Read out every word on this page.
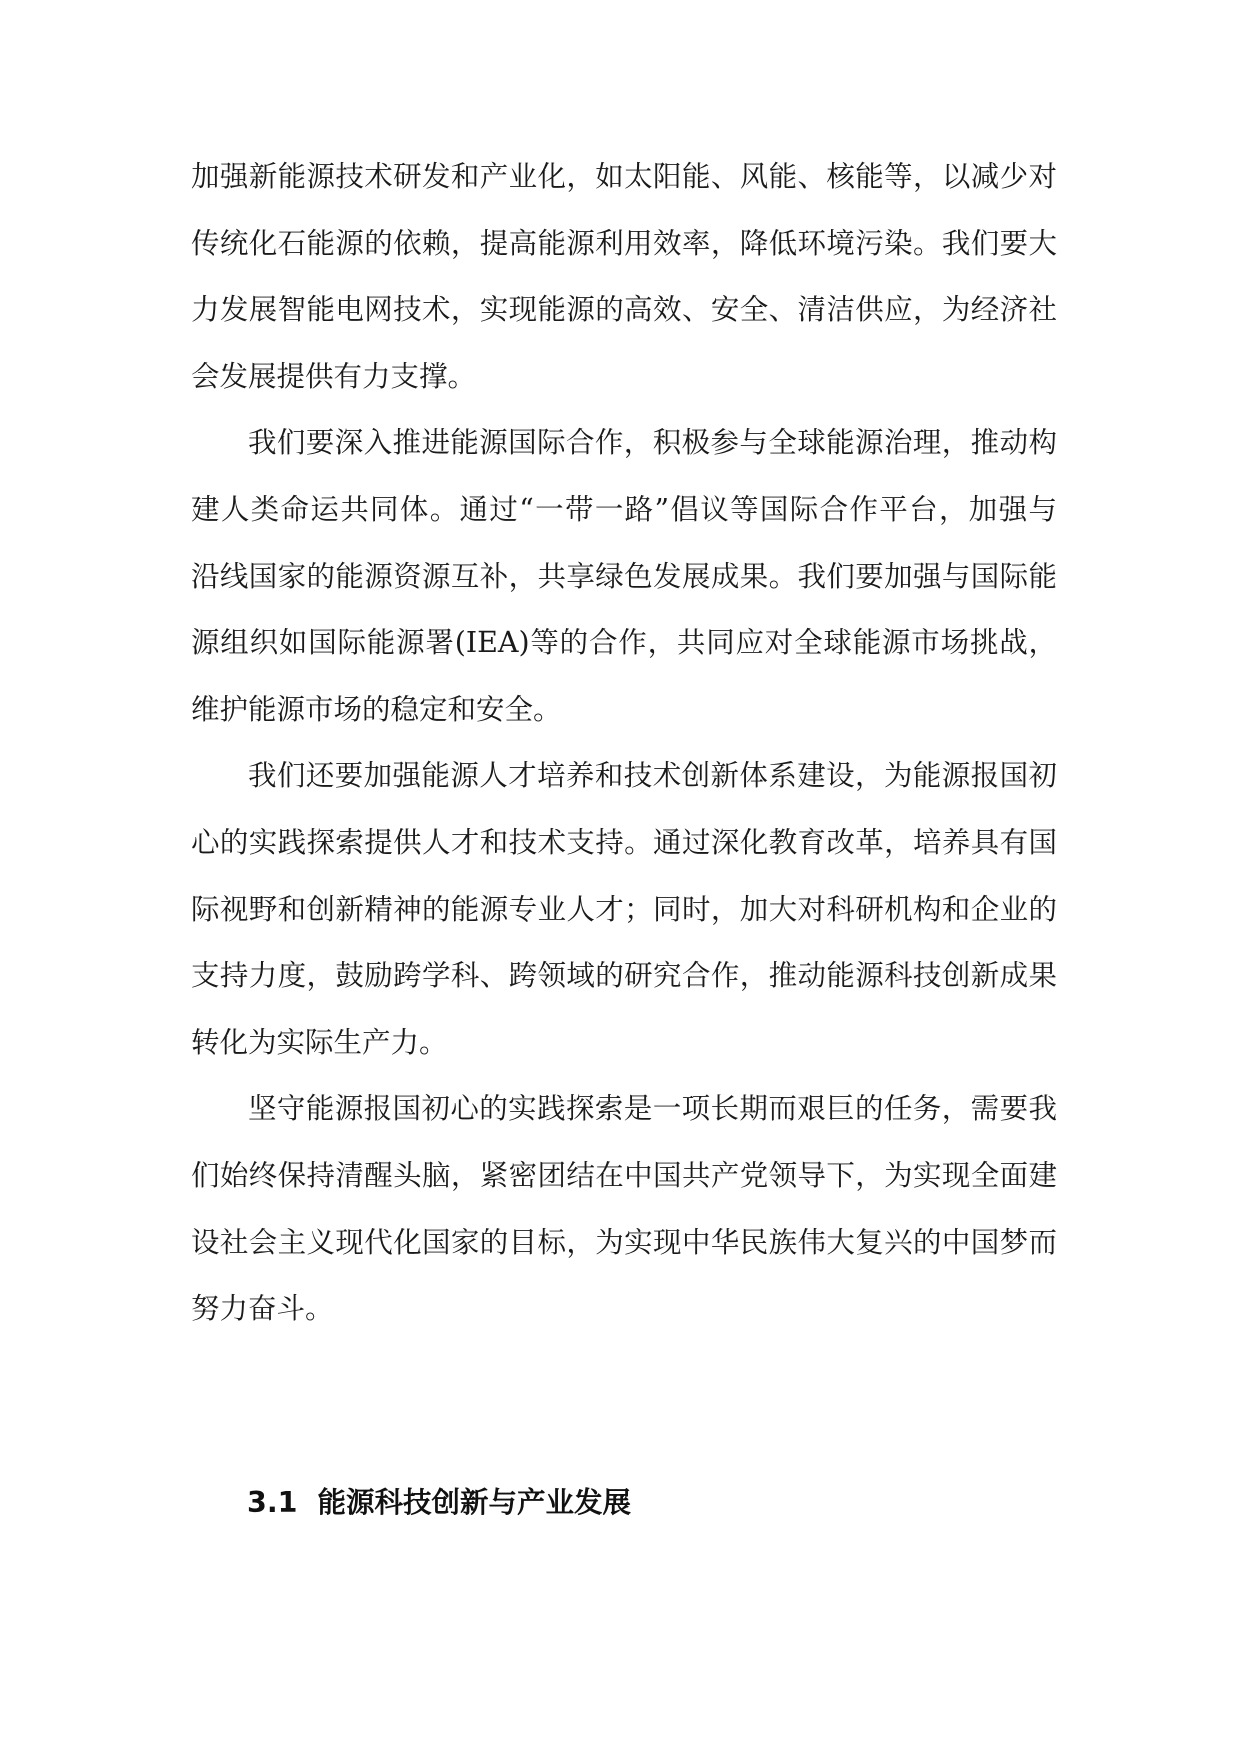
加强新能源技术研发和产业化，如太阳能、风能、核能等，以减少对
传统化石能源的依赖，提高能源利用效率，降低环境污染。我们要大
力发展智能电网技术，实现能源的高效、安全、清洁供应，为经济社
会发展提供有力支撑。

我们要深入推进能源国际合作，积极参与全球能源治理，推动构
建人类命运共同体。通过“一带一路”倡议等国际合作平台，加强与
沿线国家的能源资源互补，共享绿色发展成果。我们要加强与国际能
源组织如国际能源署(IEA)等的合作，共同应对全球能源市场挑战，
维护能源市场的稳定和安全。

我们还要加强能源人才培养和技术创新体系建设，为能源报国初
心的实践探索提供人才和技术支持。通过深化教育改革，培养具有国
际视野和创新精神的能源专业人才；同时，加大对科研机构和企业的
支持力度，鼓励跨学科、跨领域的研究合作，推动能源科技创新成果
转化为实际生产力。

坚守能源报国初心的实践探索是一项长期而艰巨的任务，需要我
们始终保持清醒头脑，紧密团结在中国共产党领导下，为实现全面建
设社会主义现代化国家的目标，为实现中华民族伟大复兴的中国梦而
努力奋斗。

3.1 能源科技创新与产业发展
